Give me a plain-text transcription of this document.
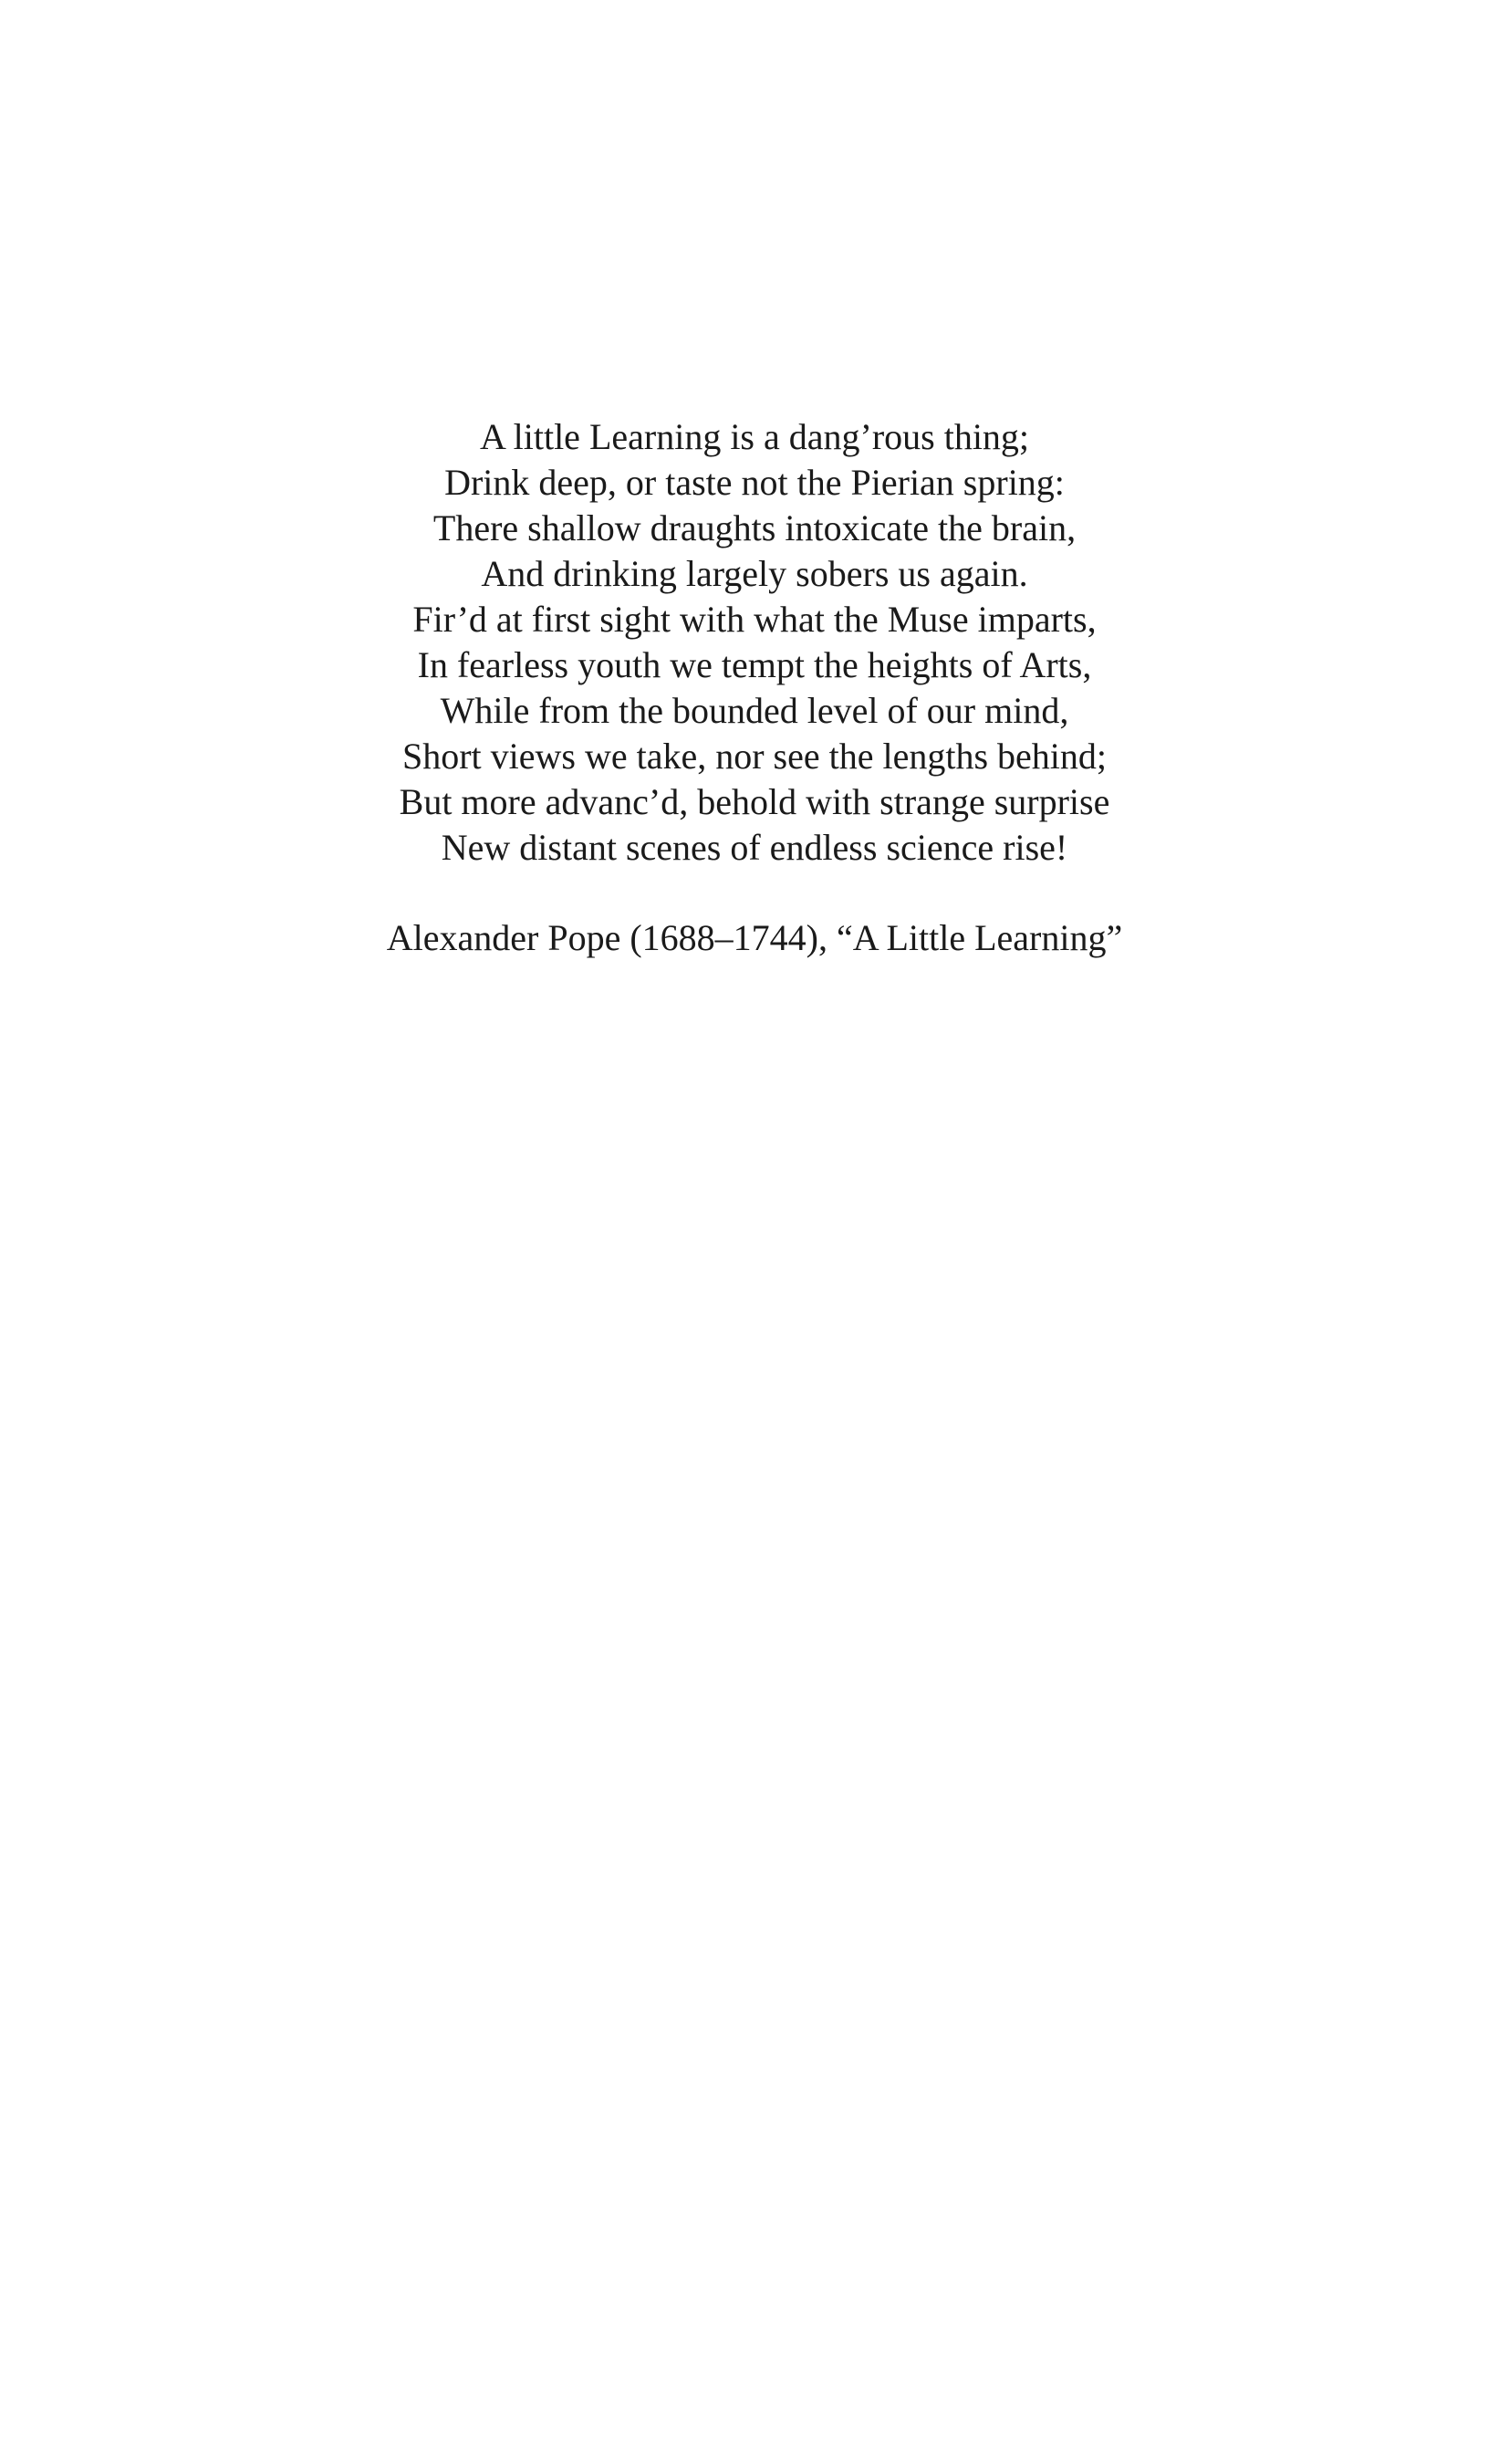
A little Learning is a dang’rous thing;
Drink deep, or taste not the Pierian spring:
There shallow draughts intoxicate the brain,
And drinking largely sobers us again.
Fir’d at first sight with what the Muse imparts,
In fearless youth we tempt the heights of Arts,
While from the bounded level of our mind,
Short views we take, nor see the lengths behind;
But more advanc’d, behold with strange surprise
New distant scenes of endless science rise!
Alexander Pope (1688–1744), “A Little Learning”
